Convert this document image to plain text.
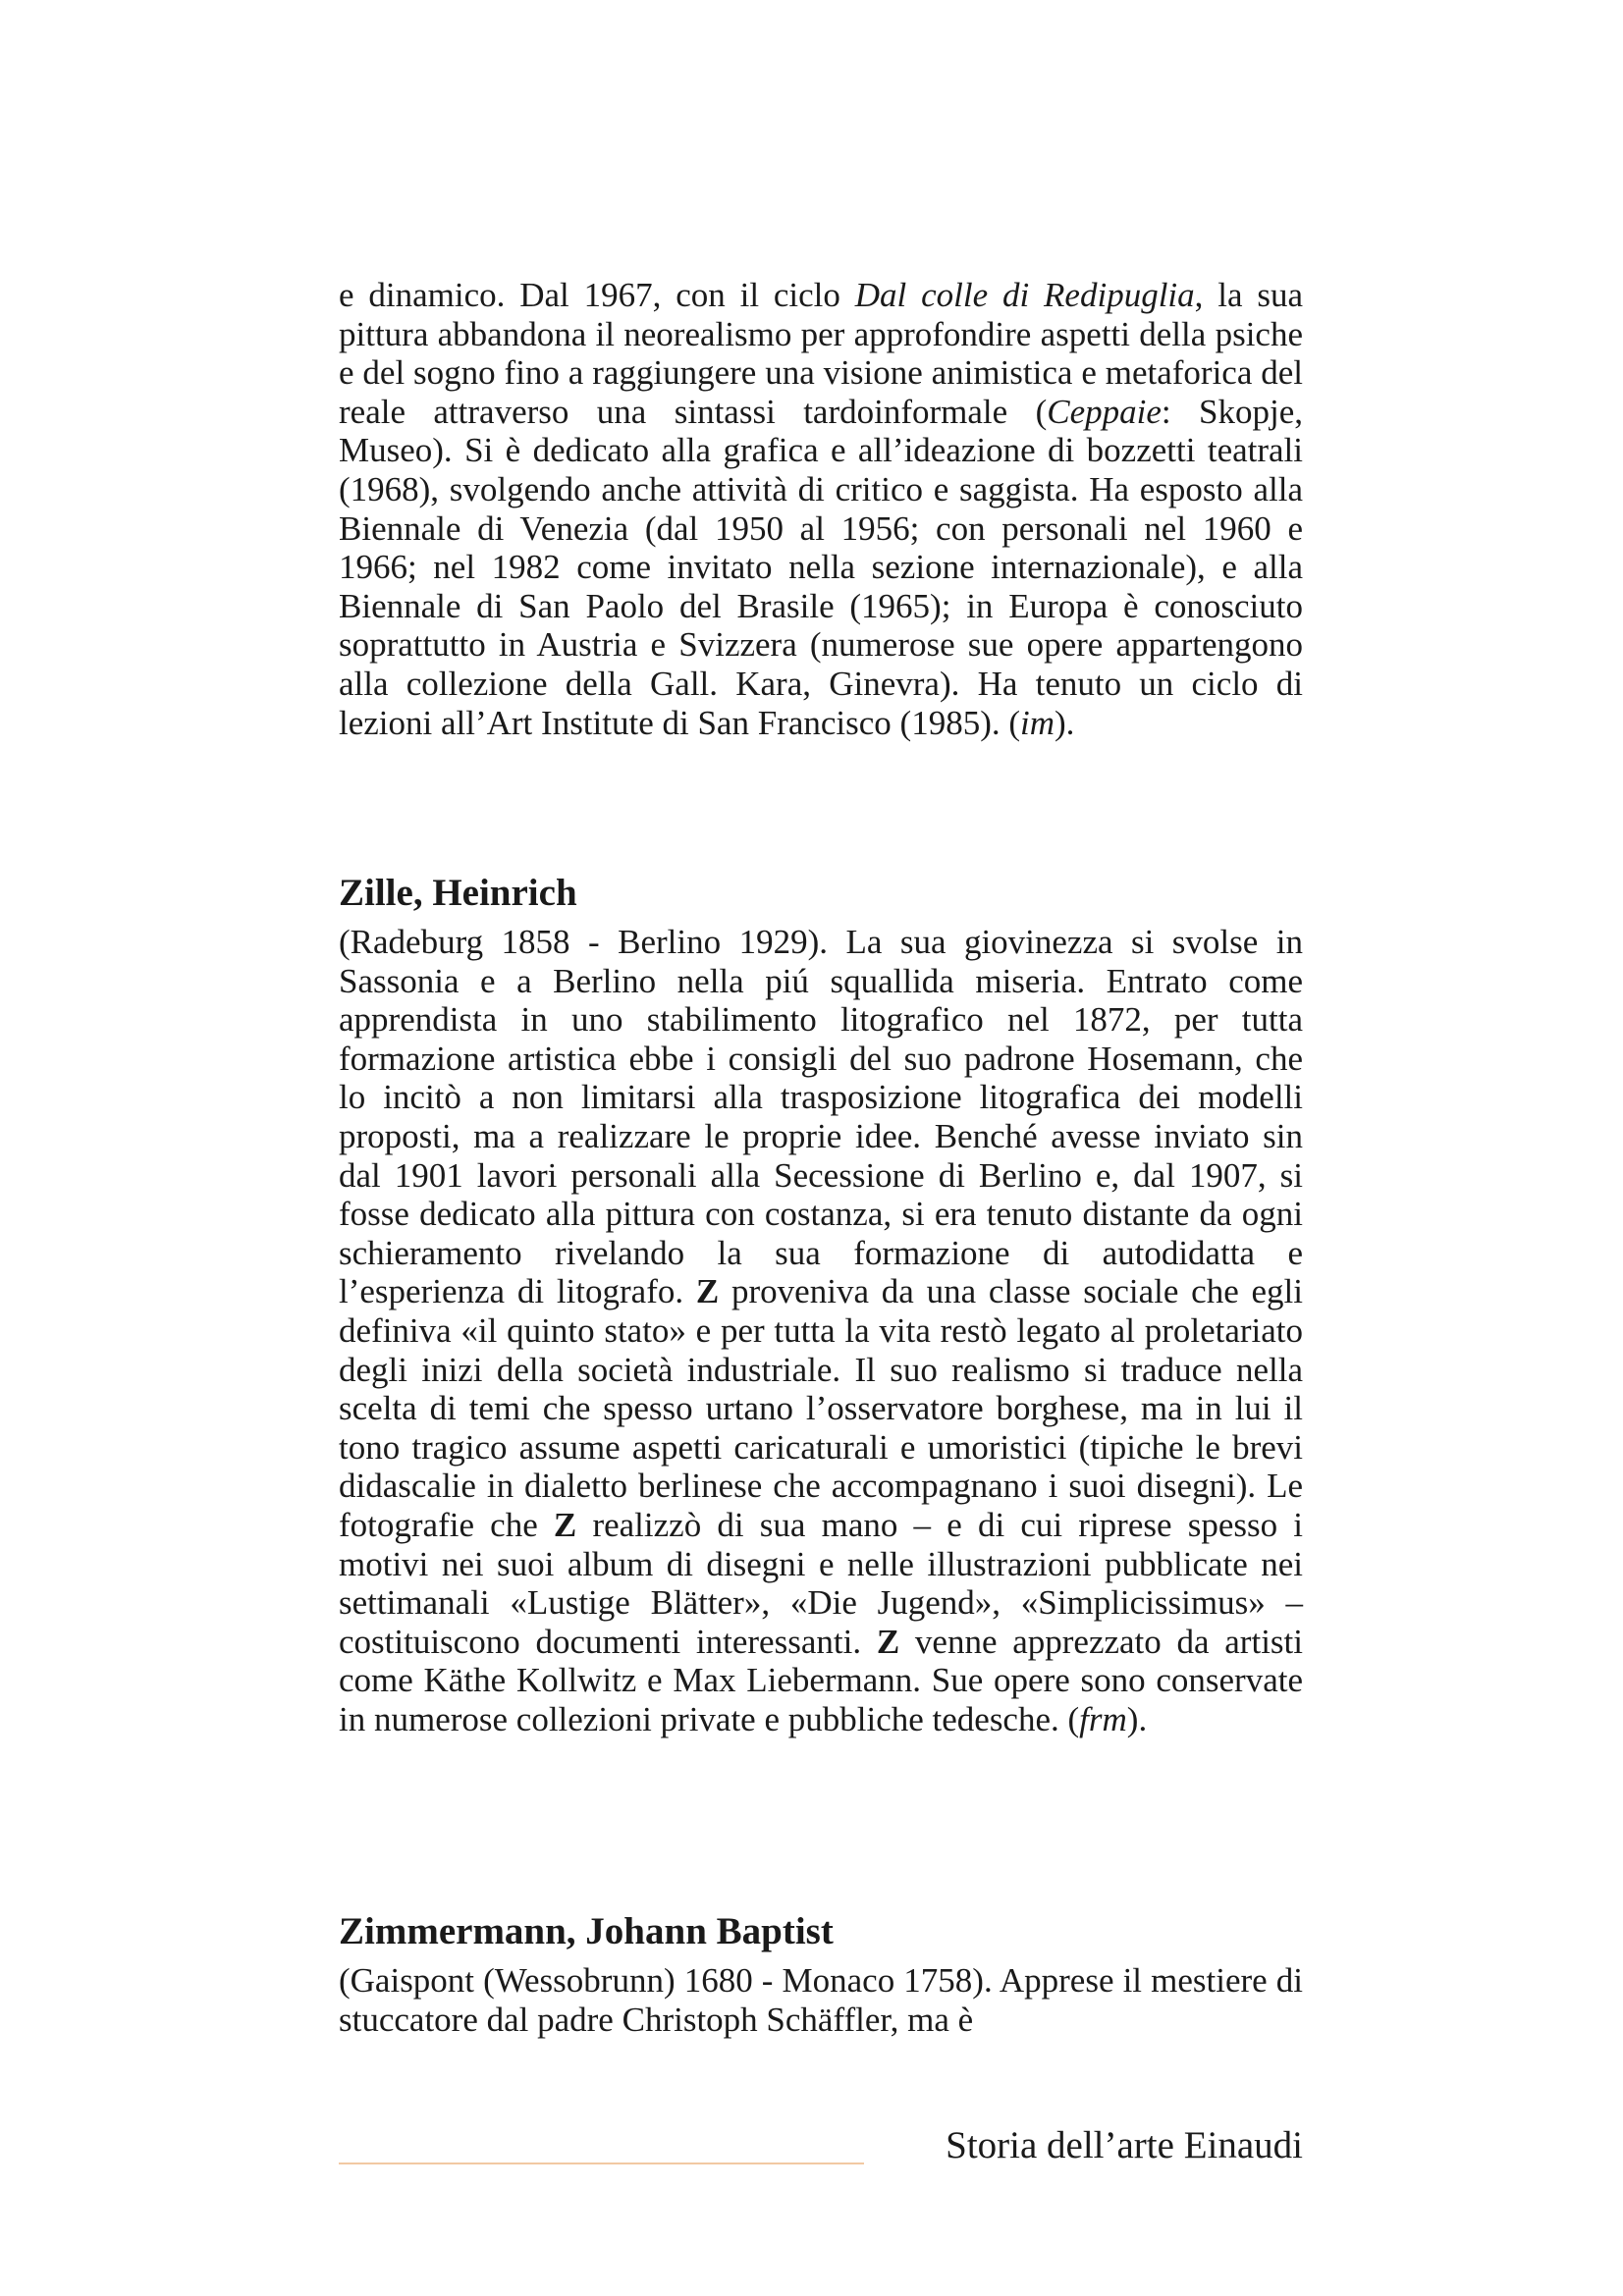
e dinamico. Dal 1967, con il ciclo Dal colle di Redipuglia, la sua pittura abbandona il neorealismo per approfondire aspetti della psiche e del sogno fino a raggiungere una visione animistica e metaforica del reale attraverso una sintassi tardoinformale (Ceppaie: Skopje, Museo). Si è dedicato alla grafica e all’ideazione di bozzetti teatrali (1968), svolgendo anche attività di critico e saggista. Ha esposto alla Biennale di Venezia (dal 1950 al 1956; con personali nel 1960 e 1966; nel 1982 come invitato nella sezione internazionale), e alla Biennale di San Paolo del Brasile (1965); in Europa è conosciuto soprattutto in Austria e Svizzera (numerose sue opere appartengono alla collezione della Gall. Kara, Ginevra). Ha tenuto un ciclo di lezioni all’Art Institute di San Francisco (1985). (im).

Zille, Heinrich

(Radeburg 1858 - Berlino 1929). La sua giovinezza si svolse in Sassonia e a Berlino nella piú squallida miseria. Entrato come apprendista in uno stabilimento litografico nel 1872, per tutta formazione artistica ebbe i consigli del suo padrone Hosemann, che lo incitò a non limitarsi alla trasposizione litografica dei modelli proposti, ma a realizzare le proprie idee. Benché avesse inviato sin dal 1901 lavori personali alla Secessione di Berlino e, dal 1907, si fosse dedicato alla pittura con costanza, si era tenuto distante da ogni schieramento rivelando la sua formazione di autodidatta e l’esperienza di litografo. Z proveniva da una classe sociale che egli definiva «il quinto stato» e per tutta la vita restò legato al proletariato degli inizi della società industriale. Il suo realismo si traduce nella scelta di temi che spesso urtano l’osservatore borghese, ma in lui il tono tragico assume aspetti caricaturali e umoristici (tipiche le brevi didascalie in dialetto berlinese che accompagnano i suoi disegni). Le fotografie che Z realizzò di sua mano – e di cui riprese spesso i motivi nei suoi album di disegni e nelle illustrazioni pubblicate nei settimanali «Lustige Blätter», «Die Jugend», «Simplicissimus» – costituiscono documenti interessanti. Z venne apprezzato da artisti come Käthe Kollwitz e Max Liebermann. Sue opere sono conservate in numerose collezioni private e pubbliche tedesche. (frm).

Zimmermann, Johann Baptist

(Gaispont (Wessobrunn) 1680 - Monaco 1758). Apprese il mestiere di stuccatore dal padre Christoph Schäffler, ma è

Storia dell’arte Einaudi
